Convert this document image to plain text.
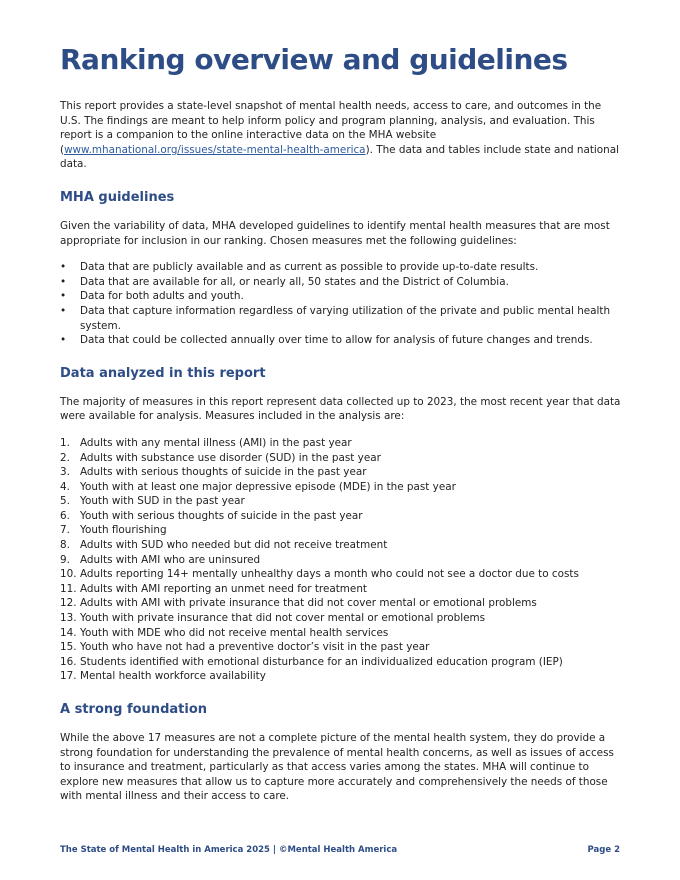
Ranking overview and guidelines

This report provides a state-level snapshot of mental health needs, access to care, and outcomes in the U.S. The findings are meant to help inform policy and program planning, analysis, and evaluation. This report is a companion to the online interactive data on the MHA website (www.mhanational.org/issues/state-mental-health-america). The data and tables include state and national data.

MHA guidelines

Given the variability of data, MHA developed guidelines to identify mental health measures that are most appropriate for inclusion in our ranking. Chosen measures met the following guidelines:

• Data that are publicly available and as current as possible to provide up-to-date results.
• Data that are available for all, or nearly all, 50 states and the District of Columbia.
• Data for both adults and youth.
• Data that capture information regardless of varying utilization of the private and public mental health system.
• Data that could be collected annually over time to allow for analysis of future changes and trends.
Data analyzed in this report

The majority of measures in this report represent data collected up to 2023, the most recent year that data were available for analysis. Measures included in the analysis are:

1. Adults with any mental illness (AMI) in the past year
2. Adults with substance use disorder (SUD) in the past year
3. Adults with serious thoughts of suicide in the past year
4. Youth with at least one major depressive episode (MDE) in the past year
5. Youth with SUD in the past year
6. Youth with serious thoughts of suicide in the past year
7. Youth flourishing
8. Adults with SUD who needed but did not receive treatment
9. Adults with AMI who are uninsured
10. Adults reporting 14+ mentally unhealthy days a month who could not see a doctor due to costs
11. Adults with AMI reporting an unmet need for treatment
12. Adults with AMI with private insurance that did not cover mental or emotional problems
13. Youth with private insurance that did not cover mental or emotional problems
14. Youth with MDE who did not receive mental health services
15. Youth who have not had a preventive doctor’s visit in the past year
16. Students identified with emotional disturbance for an individualized education program (IEP)
17. Mental health workforce availability
A strong foundation

While the above 17 measures are not a complete picture of the mental health system, they do provide a strong foundation for understanding the prevalence of mental health concerns, as well as issues of access to insurance and treatment, particularly as that access varies among the states. MHA will continue to explore new measures that allow us to capture more accurately and comprehensively the needs of those with mental illness and their access to care.

The State of Mental Health in America 2025 | ©Mental Health America	Page 2
